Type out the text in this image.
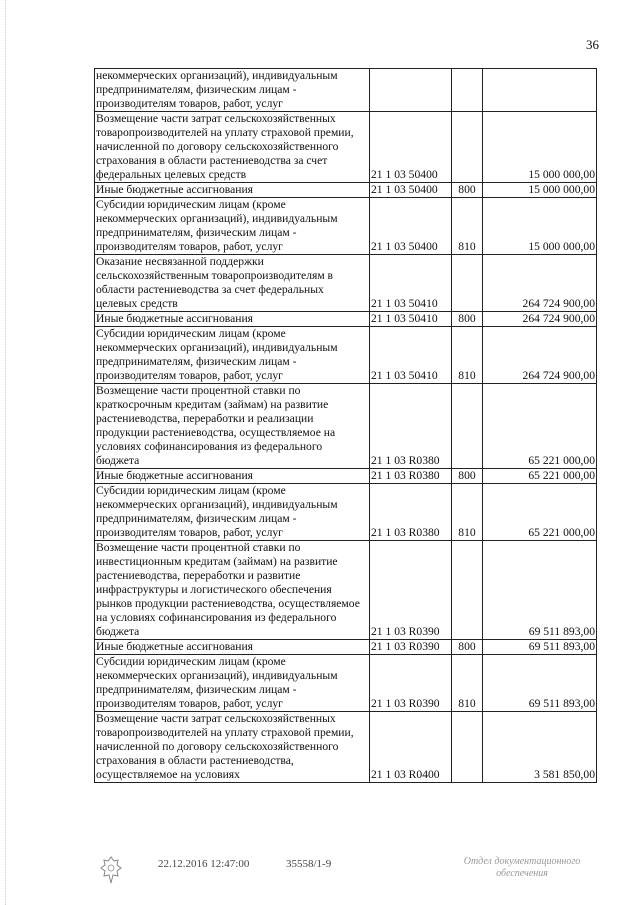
36
некоммерческих организаций), индивидуальным предпринимателям, физическим лицам - производителям товаров, работ, услуг			
Возмещение части затрат сельскохозяйственных товаропроизводителей на уплату страховой премии, начисленной по договору сельскохозяйственного страхования в области растениеводства за счет федеральных целевых средств	21 1 03 50400		15 000 000,00
Иные бюджетные ассигнования	21 1 03 50400	800	15 000 000,00
Субсидии юридическим лицам (кроме некоммерческих организаций), индивидуальным предпринимателям, физическим лицам - производителям товаров, работ, услуг	21 1 03 50400	810	15 000 000,00
Оказание несвязанной поддержки сельскохозяйственным товаропроизводителям в области растениеводства за счет федеральных целевых средств	21 1 03 50410		264 724 900,00
Иные бюджетные ассигнования	21 1 03 50410	800	264 724 900,00
Субсидии юридическим лицам (кроме некоммерческих организаций), индивидуальным предпринимателям, физическим лицам - производителям товаров, работ, услуг	21 1 03 50410	810	264 724 900,00
Возмещение части процентной ставки по краткосрочным кредитам (займам) на развитие растениеводства, переработки и реализации продукции растениеводства, осуществляемое на условиях софинансирования из федерального бюджета	21 1 03 R0380		65 221 000,00
Иные бюджетные ассигнования	21 1 03 R0380	800	65 221 000,00
Субсидии юридическим лицам (кроме некоммерческих организаций), индивидуальным предпринимателям, физическим лицам - производителям товаров, работ, услуг	21 1 03 R0380	810	65 221 000,00
Возмещение части процентной ставки по инвестиционным кредитам (займам) на развитие растениеводства, переработки и развитие инфраструктуры и логистического обеспечения рынков продукции растениеводства, осуществляемое на условиях софинансирования из федерального бюджета	21 1 03 R0390		69 511 893,00
Иные бюджетные ассигнования	21 1 03 R0390	800	69 511 893,00
Субсидии юридическим лицам (кроме некоммерческих организаций), индивидуальным предпринимателям, физическим лицам - производителям товаров, работ, услуг	21 1 03 R0390	810	69 511 893,00
Возмещение части затрат сельскохозяйственных товаропроизводителей на уплату страховой премии, начисленной по договору сельскохозяйственного страхования в области растениеводства, осуществляемое на условиях	21 1 03 R0400		3 581 850,00
22.12.2016 12:47:00	35558/1-9	Отдел документационного обеспечения
